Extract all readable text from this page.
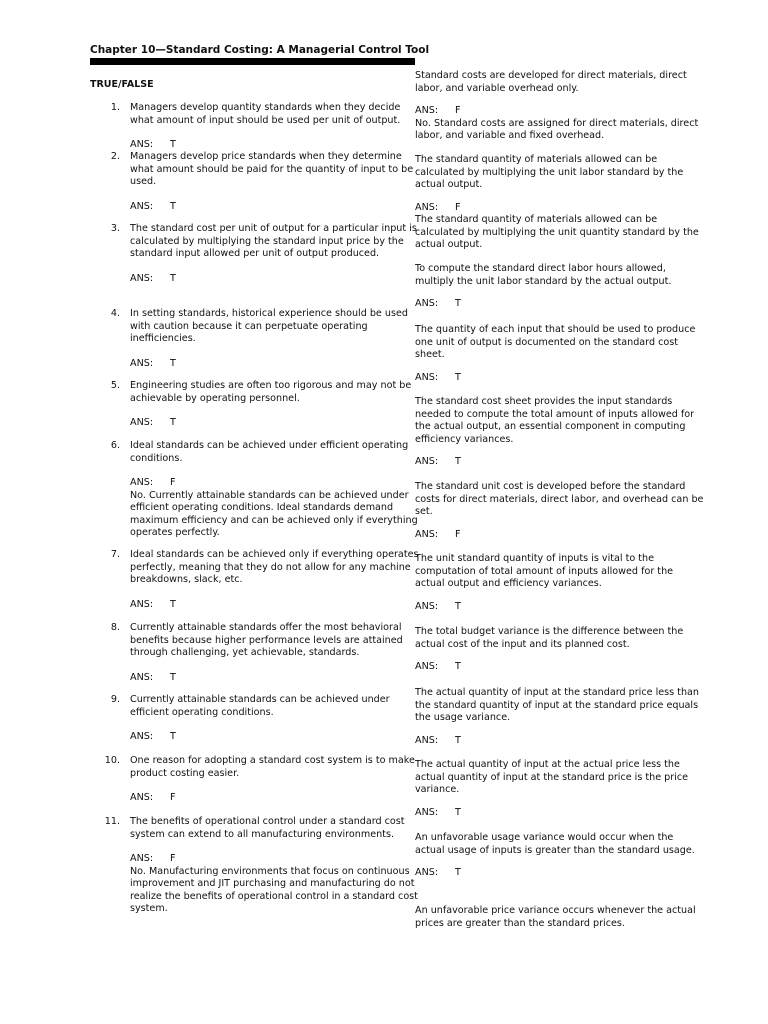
Chapter 10—Standard Costing: A Managerial Control Tool
TRUE/FALSE
1. Managers develop quantity standards when they decide what amount of input should be used per unit of output.
ANS: T
2. Managers develop price standards when they determine what amount should be paid for the quantity of input to be used.
ANS: T
3. The standard cost per unit of output for a particular input is calculated by multiplying the standard input price by the standard input allowed per unit of output produced.
ANS: T
4. In setting standards, historical experience should be used with caution because it can perpetuate operating inefficiencies.
ANS: T
5. Engineering studies are often too rigorous and may not be achievable by operating personnel.
ANS: T
6. Ideal standards can be achieved under efficient operating conditions.
ANS: F
No. Currently attainable standards can be achieved under efficient operating conditions. Ideal standards demand maximum efficiency and can be achieved only if everything operates perfectly.
7. Ideal standards can be achieved only if everything operates perfectly, meaning that they do not allow for any machine breakdowns, slack, etc.
ANS: T
8. Currently attainable standards offer the most behavioral benefits because higher performance levels are attained through challenging, yet achievable, standards.
ANS: T
9. Currently attainable standards can be achieved under efficient operating conditions.
ANS: T
10. One reason for adopting a standard cost system is to make product costing easier.
ANS: F
11. The benefits of operational control under a standard cost system can extend to all manufacturing environments.
ANS: F
No. Manufacturing environments that focus on continuous improvement and JIT purchasing and manufacturing do not realize the benefits of operational control in a standard cost system.
Standard costs are developed for direct materials, direct labor, and variable overhead only.
ANS: F
No. Standard costs are assigned for direct materials, direct labor, and variable and fixed overhead.
The standard quantity of materials allowed can be calculated by multiplying the unit labor standard by the actual output.
ANS: F
The standard quantity of materials allowed can be calculated by multiplying the unit quantity standard by the actual output.
To compute the standard direct labor hours allowed, multiply the unit labor standard by the actual output.
ANS: T
The quantity of each input that should be used to produce one unit of output is documented on the standard cost sheet.
ANS: T
The standard cost sheet provides the input standards needed to compute the total amount of inputs allowed for the actual output, an essential component in computing efficiency variances.
ANS: T
The standard unit cost is developed before the standard costs for direct materials, direct labor, and overhead can be set.
ANS: F
The unit standard quantity of inputs is vital to the computation of total amount of inputs allowed for the actual output and efficiency variances.
ANS: T
The total budget variance is the difference between the actual cost of the input and its planned cost.
ANS: T
The actual quantity of input at the standard price less than the standard quantity of input at the standard price equals the usage variance.
ANS: T
The actual quantity of input at the actual price less the actual quantity of input at the standard price is the price variance.
ANS: T
An unfavorable usage variance would occur when the actual usage of inputs is greater than the standard usage.
ANS: T
An unfavorable price variance occurs whenever the actual prices are greater than the standard prices.
